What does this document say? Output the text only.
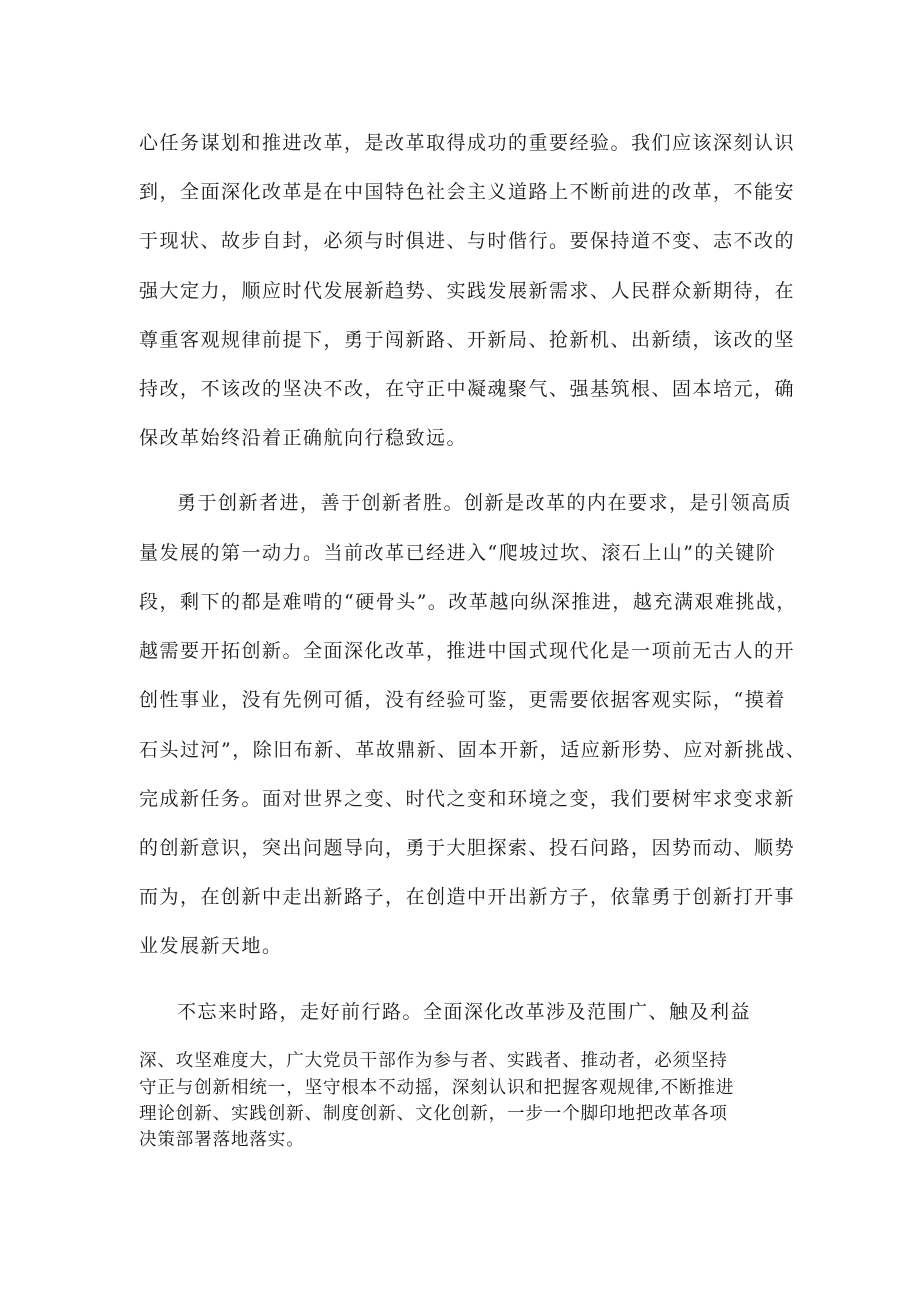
心任务谋划和推进改革，是改革取得成功的重要经验。我们应该深刻认识
到，全面深化改革是在中国特色社会主义道路上不断前进的改革，不能安
于现状、故步自封，必须与时俱进、与时偕行。要保持道不变、志不改的
强大定力，顺应时代发展新趋势、实践发展新需求、人民群众新期待，在
尊重客观规律前提下，勇于闯新路、开新局、抢新机、出新绩，该改的坚
持改，不该改的坚决不改，在守正中凝魂聚气、强基筑根、固本培元，确
保改革始终沿着正确航向行稳致远。
勇于创新者进，善于创新者胜。创新是改革的内在要求，是引领高质
量发展的第一动力。当前改革已经进入“爬坡过坎、滚石上山”的关键阶
段，剩下的都是难啃的“硬骨头”。改革越向纵深推进，越充满艰难挑战，
越需要开拓创新。全面深化改革，推进中国式现代化是一项前无古人的开
创性事业，没有先例可循，没有经验可鉴，更需要依据客观实际，“摸着
石头过河”，除旧布新、革故鼎新、固本开新，适应新形势、应对新挑战、
完成新任务。面对世界之变、时代之变和环境之变，我们要树牢求变求新
的创新意识，突出问题导向，勇于大胆探索、投石问路，因势而动、顺势
而为，在创新中走出新路子，在创造中开出新方子，依靠勇于创新打开事
业发展新天地。
不忘来时路，走好前行路。全面深化改革涉及范围广、触及利益
深、攻坚难度大，广大党员干部作为参与者、实践者、推动者，必须坚持
守正与创新相统一，坚守根本不动摇，深刻认识和把握客观规律,不断推进
理论创新、实践创新、制度创新、文化创新，一步一个脚印地把改革各项
决策部署落地落实。
